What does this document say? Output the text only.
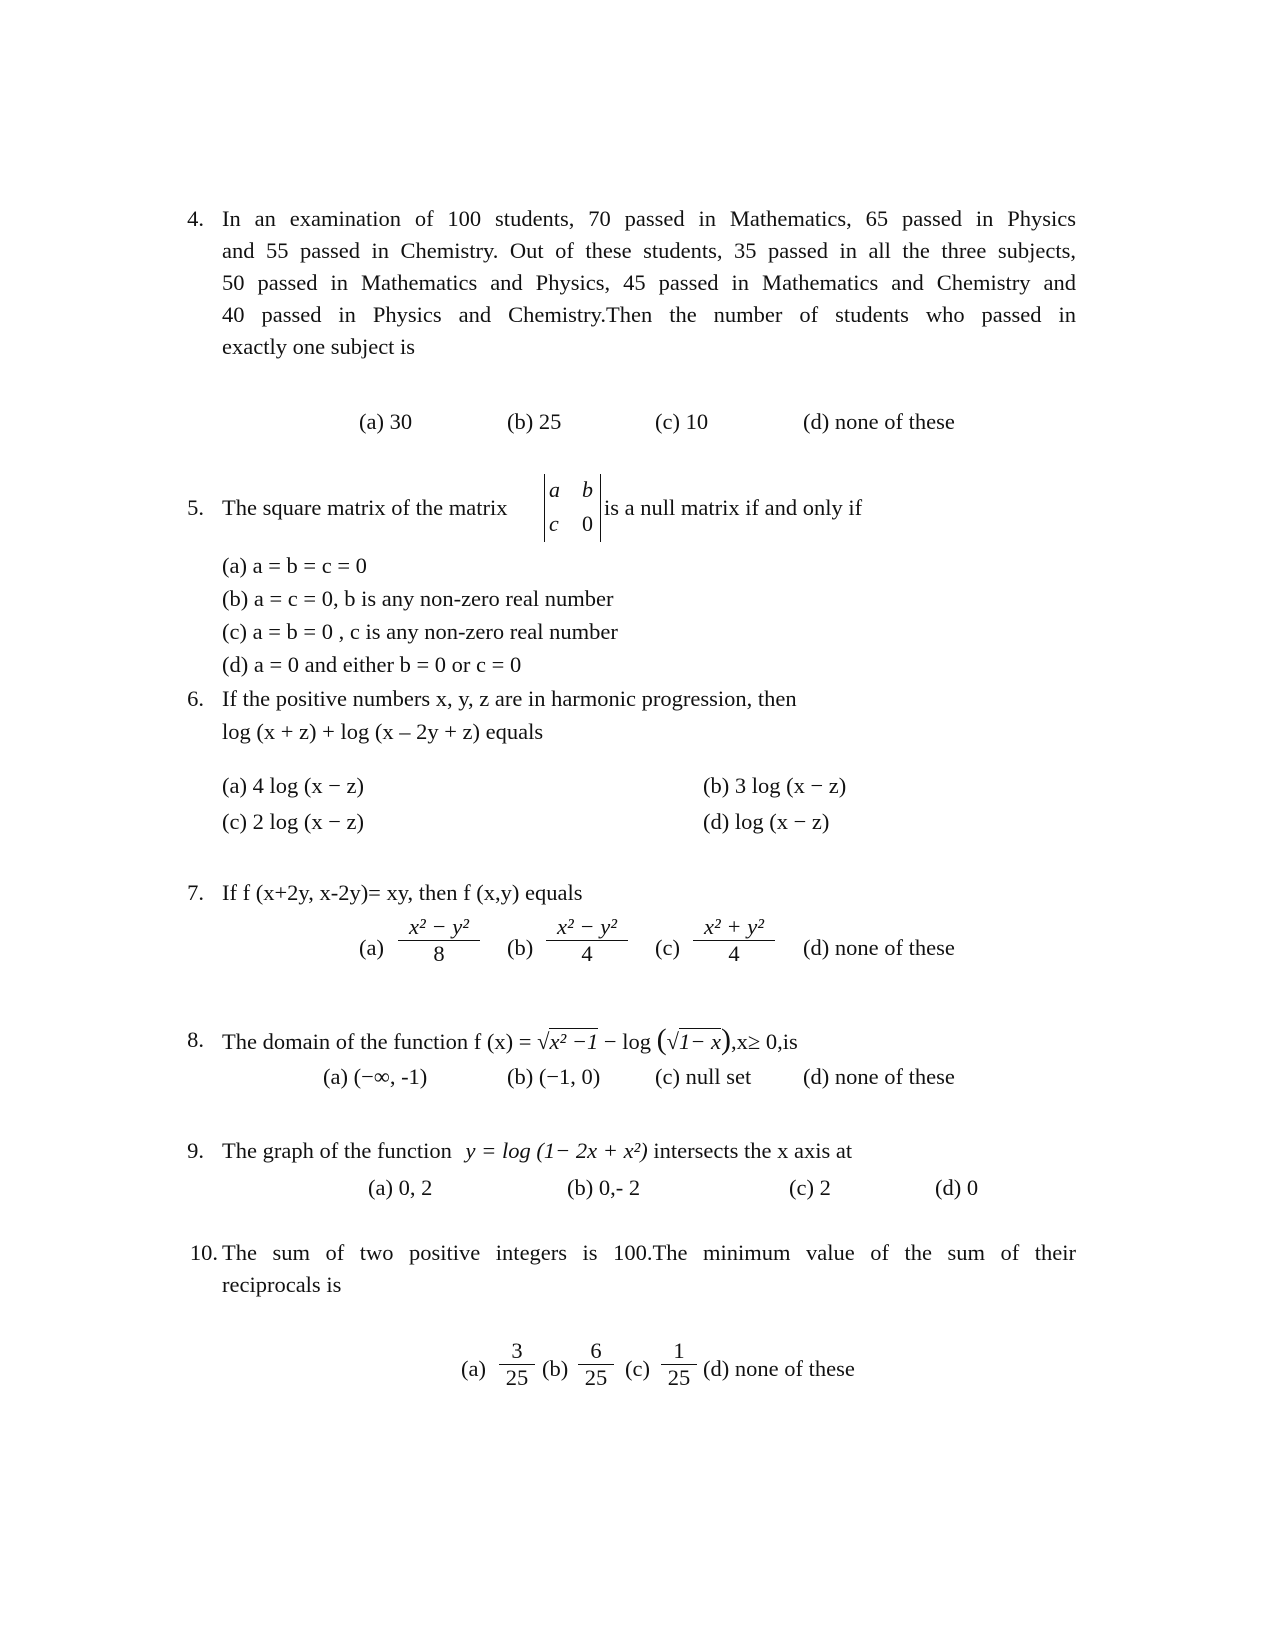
4. In an examination of 100 students, 70 passed in Mathematics, 65 passed in Physics
and 55 passed in Chemistry. Out of these students, 35 passed in all the three subjects,
50 passed in Mathematics and Physics, 45 passed in Mathematics and Chemistry and
40 passed in Physics and Chemistry.Then the number of students who passed in
exactly one subject is
(a) 30	(b) 25	(c) 10	(d) none of these
5. The square matrix of the matrix
a b
c 0
is a null matrix if and only if
(a) a = b = c = 0
(b) a = c = 0, b is any non-zero real number
(c) a = b = 0 , c is any non-zero real number
(d) a = 0 and either b = 0 or c = 0
6. If the positive numbers x, y, z are in harmonic progression, then
log (x + z) + log (x – 2y + z) equals
(a) 4 log (x − z)	(b) 3 log (x − z)
(c) 2 log (x − z)	(d) log (x − z)
7. If f (x+2y, x-2y)= xy, then f (x,y) equals
$(a) \frac{\text{x² − y²}}{8} (b) \frac{\text{x² − y²}}{4} (c) \frac{\text{x² + y²}}{4} (d)$ none of these
8. The domain of the function f (x) = √x² −1 − log (√1− x),x≥ 0,is
(a) (−∞, -1)	(b) (−1, 0) (c) null set (d) none of these
9. The graph of the function y = log (1− 2x + x²) intersects the x axis at
(a) 0, 2	(b) 0,- 2	(c) 2	(d) 0
10. The sum of two positive integers is 100.The minimum value of the sum of their
reciprocals is
$(a) \frac{3}{25} (b) \frac{6}{25} (c) \frac{1}{25} (d)$ none of these
